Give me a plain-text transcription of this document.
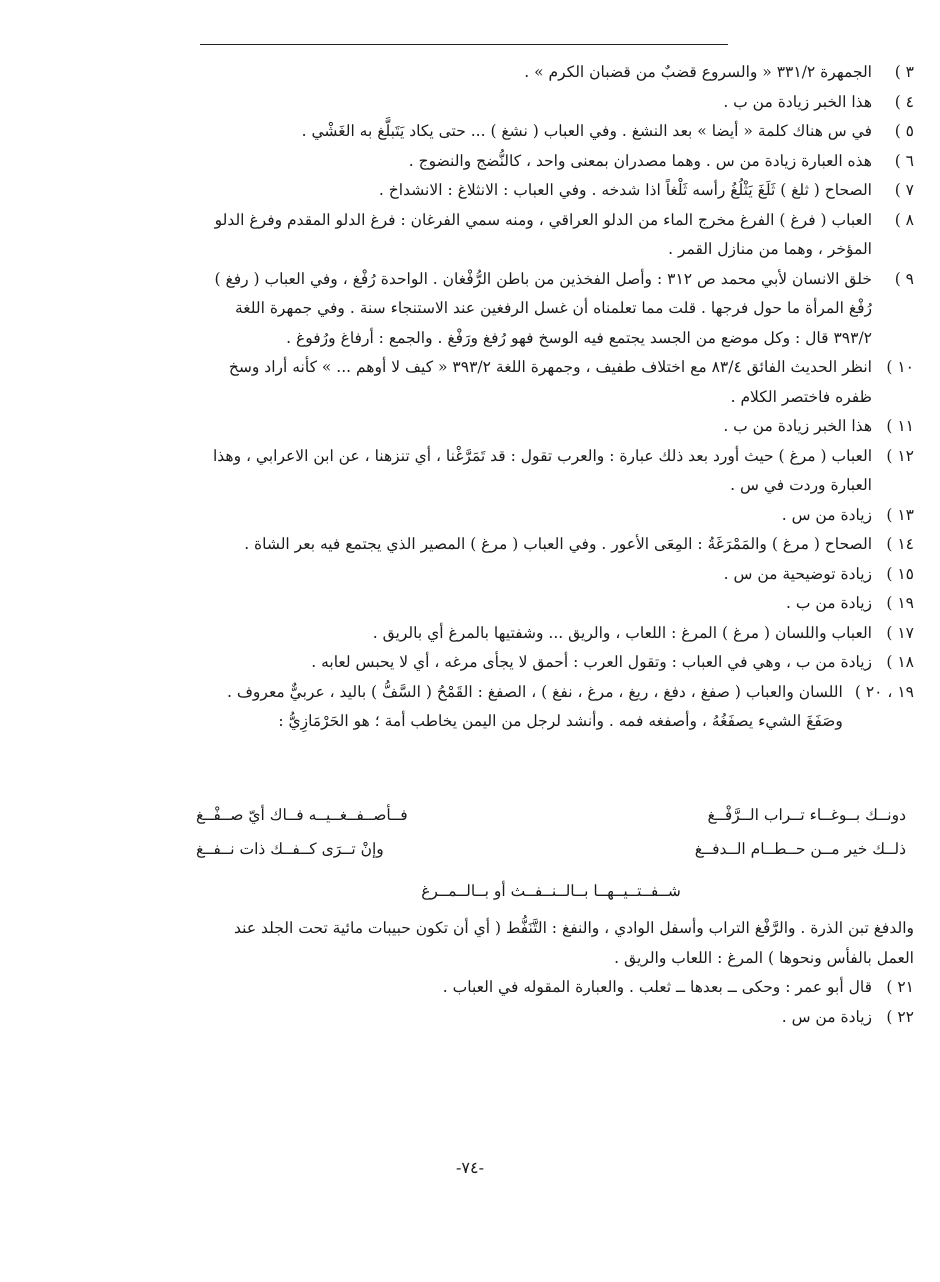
٣ )
الجمهرة ٣٣١/٢ « والسروع قضبٌ من قضبان الكرم » .
٤ )
هذا الخبر زيادة من ب .
٥ )
في س هناك كلمة « أيضا » بعد النشغ . وفي العباب ( نشغ ) ... حتى يكاد يَتَبلَّغ به الغَشْي .
٦ )
هذه العبارة زيادة من س . وهما مصدران بمعنى واحد ، كالنُّضج والنضوج .
٧ )
الصحاح ( ثلغ ) ثَلَغَ يَثْلُغُ رأسه ثَلْغاً اذا شدخه . وفي العباب : الانثلاغ : الانشداخ .
٨ )
العباب ( فرغ ) الفرغ مخرج الماء من الدلو العراقي ، ومنه سمي الفرغان : فرغ الدلو المقدم وفرغ الدلو المؤخر ، وهما من منازل القمر .
٩ )
خلق الانسان لأبي محمد ص ٣١٢ : وأصل الفخذين من باطن الرُّفْغان . الواحدة رُفْغ ، وفي العباب ( رفغ ) رُفْغ المرأة ما حول فرجها . قلت مما تعلمناه أن غسل الرفغين عند الاستنجاء سنة . وفي جمهرة اللغة ٣٩٣/٢ قال : وكل موضع من الجسد يجتمع فيه الوسخ فهو رُفغ ورَفْغ . والجمع : أرفاغ ورُفوغ .
١٠ )
انظر الحديث الفائق ٨٣/٤ مع اختلاف طفيف ، وجمهرة اللغة ٣٩٣/٢ « كيف لا أوهم ... » كأنه أراد وسخ ظفره فاختصر الكلام .
١١ )
هذا الخبر زيادة من ب .
١٢ )
العباب ( مرغ ) حيث أورد بعد ذلك عبارة : والعرب تقول : قد تَمَرَّغْنا ، أي تنزهنا ، عن ابن الاعرابي ، وهذا العبارة وردت في س .
١٣ )
زيادة من س .
١٤ )
الصحاح ( مرغ ) والمَمْرَغَةُ : المِعَى الأعور . وفي العباب ( مرغ ) المصير الذي يجتمع فيه بعر الشاة .
١٥ )
زيادة توضيحية من س .
١٩ )
زيادة من ب .
١٧ )
العباب واللسان ( مرغ ) المرغ : اللعاب ، والريق ... وشفتيها بالمرغ أي بالريق .
١٨ )
زيادة من ب ، وهي في العباب : وتقول العرب : أحمق لا يجأى مرغه ، أي لا يحبس لعابه .
١٩ ، ٢٠ )
اللسان والعباب ( صفغ ، دفغ ، ريغ ، مرغ ، نفغ ) ، الصفغ : القَمْحُ ( السَّفُّ ) باليد ، عربيٌّ معروف . وصَفَغَ الشيء يصفَغُهُ ، وأصفغه فمه . وأنشد لرجل من اليمن يخاطب أمة ؛ هو الحَرْمَازِيُّ :
دونــك بــوغــاء تــراب الــرَّفْــغ
فــأصــفــغــيــه فــاك أيّ صــفْــغ
ذلــك خير مــن حــطــام الــدفــغ
وإنْ تــرَى كــفــك ذات نــفــغ
شــفــتــيــهــا بــالــنــفــث أو بــالــمــرغ
والدفغ تبن الذرة . والرَّفْغ التراب وأسفل الوادي ، والنفغ : التَّنَفُّط ( أي أن تكون حبيبات مائية تحت الجلد عند العمل بالفأس ونحوها ) المرغ : اللعاب والريق .
٢١ )
قال أبو عمر : وحكى ــ بعدها ــ ثعلب . والعبارة المقوله في العباب .
٢٢ )
زيادة من س .
-٧٤-
